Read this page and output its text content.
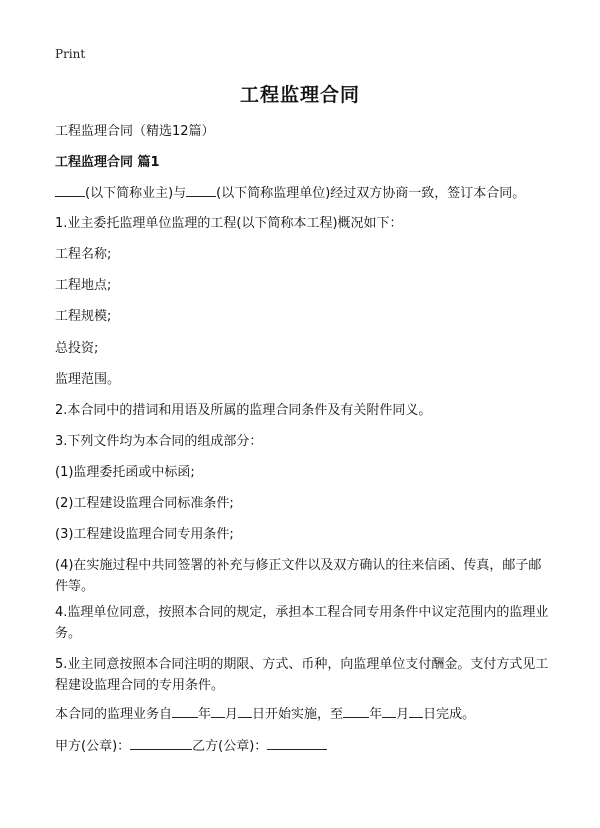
Print
工程监理合同
工程监理合同（精选12篇）
工程监理合同 篇1
(以下简称业主)与 (以下简称监理单位)经过双方协商一致，签订本合同。
1.业主委托监理单位监理的工程(以下简称本工程)概况如下：
工程名称;
工程地点;
工程规模;
总投资;
监理范围。
2.本合同中的措词和用语及所属的监理合同条件及有关附件同义。
3.下列文件均为本合同的组成部分：
(1)监理委托函或中标函;
(2)工程建设监理合同标准条件;
(3)工程建设监理合同专用条件;
(4)在实施过程中共同签署的补充与修正文件以及双方确认的往来信函、传真，邮子邮件等。
4.监理单位同意，按照本合同的规定，承担本工程合同专用条件中议定范围内的监理业务。
5.业主同意按照本合同注明的期限、方式、币种，向监理单位支付酬金。支付方式见工程建设监理合同的专用条件。
本合同的监理业务自 年 月 日开始实施，至 年 月 日完成。
甲方(公章)：	乙方(公章)：
